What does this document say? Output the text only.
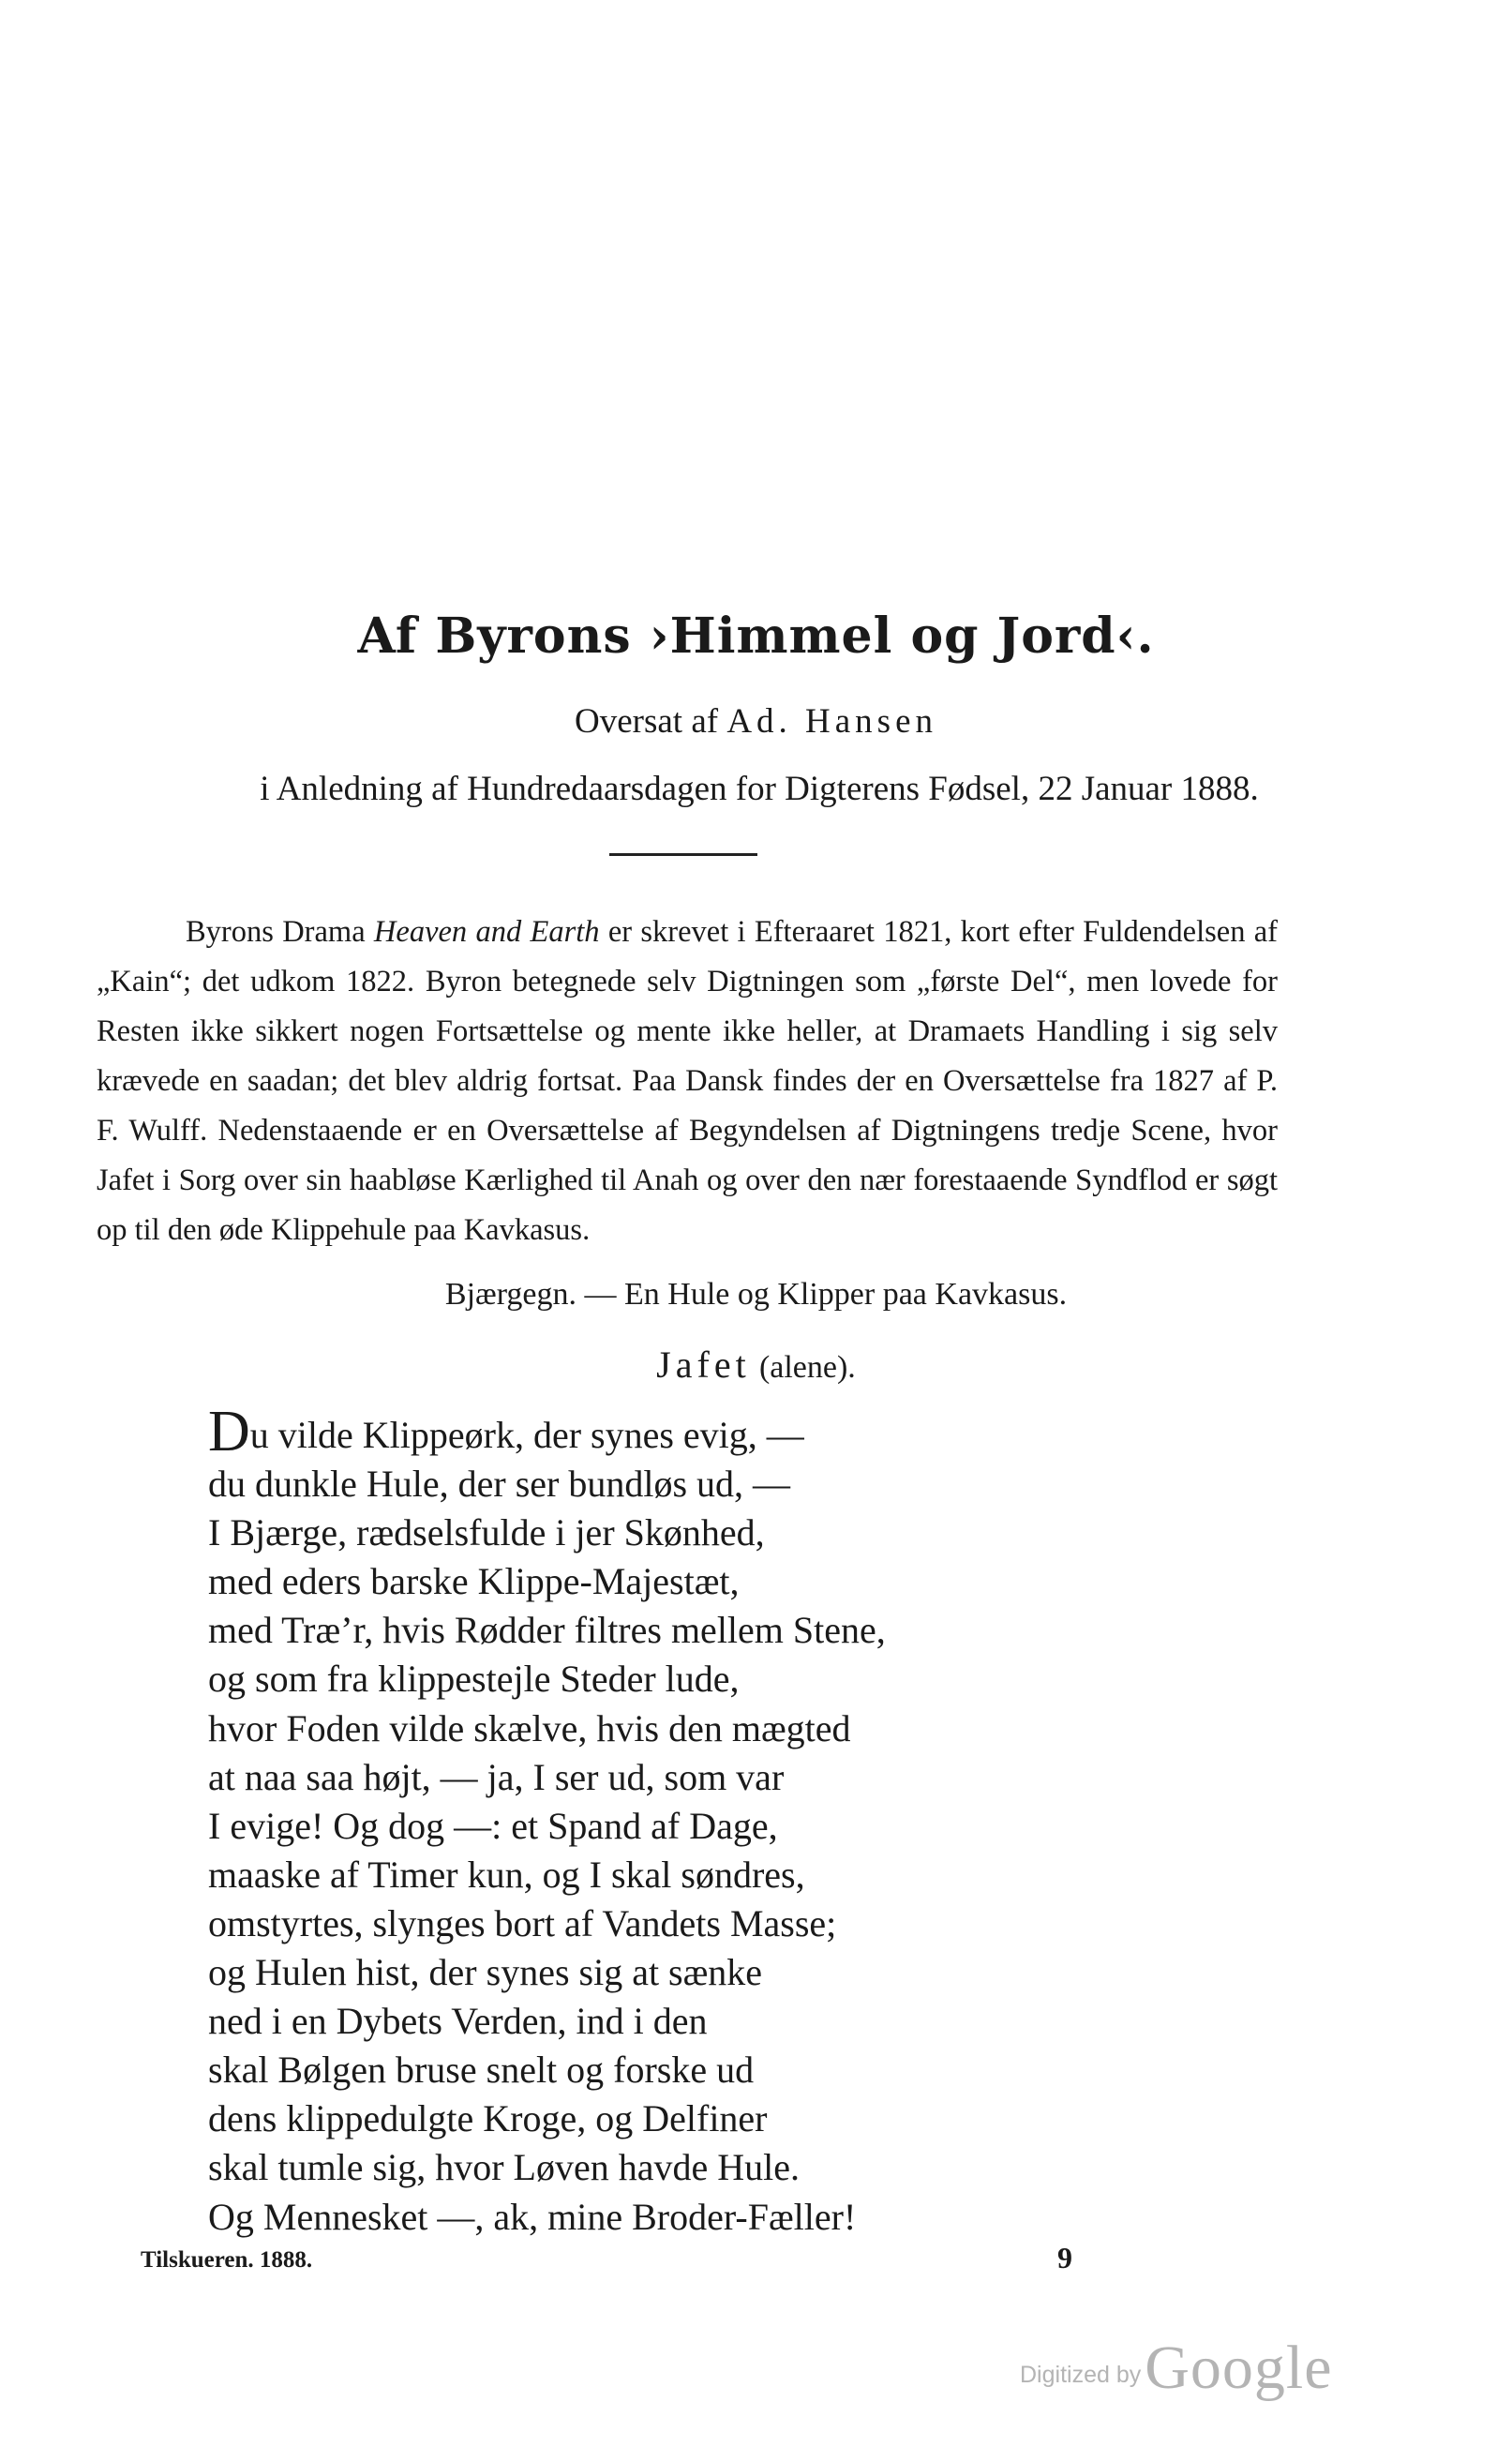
Af Byrons ›Himmel og Jord‹.

Oversat af Ad. Hansen

i Anledning af Hundredaarsdagen for Digterens Fødsel, 22 Januar 1888.

Byrons Drama Heaven and Earth er skrevet i Efteraaret 1821, kort efter Fuldendelsen af „Kain“; det udkom 1822. Byron betegnede selv Digtningen som „første Del“, men lovede for Resten ikke sikkert nogen Fortsættelse og mente ikke heller, at Dramaets Handling i sig selv krævede en saadan; det blev aldrig fortsat. Paa Dansk findes der en Oversættelse fra 1827 af P. F. Wulff. Nedenstaaende er en Oversættelse af Begyndelsen af Digtningens tredje Scene, hvor Jafet i Sorg over sin haabløse Kærlighed til Anah og over den nær forestaaende Syndflod er søgt op til den øde Klippehule paa Kavkasus.

Bjærgegn. — En Hule og Klipper paa Kavkasus.

Jafet (alene).

Du vilde Klippeørk, der synes evig, —
du dunkle Hule, der ser bundløs ud, —
I Bjærge, rædselsfulde i jer Skønhed,
med eders barske Klippe-Majestæt,
med Træ’r, hvis Rødder filtres mellem Stene,
og som fra klippestejle Steder lude,
hvor Foden vilde skælve, hvis den mægted
at naa saa højt, — ja, I ser ud, som var
I evige! Og dog —: et Spand af Dage,
maaske af Timer kun, og I skal søndres,
omstyrtes, slynges bort af Vandets Masse;
og Hulen hist, der synes sig at sænke
ned i en Dybets Verden, ind i den
skal Bølgen bruse snelt og forske ud
dens klippedulgte Kroge, og Delfiner
skal tumle sig, hvor Løven havde Hule.
Og Mennesket —, ak, mine Broder-Fæller!

Tilskueren. 1888.	9

Digitized by Google
